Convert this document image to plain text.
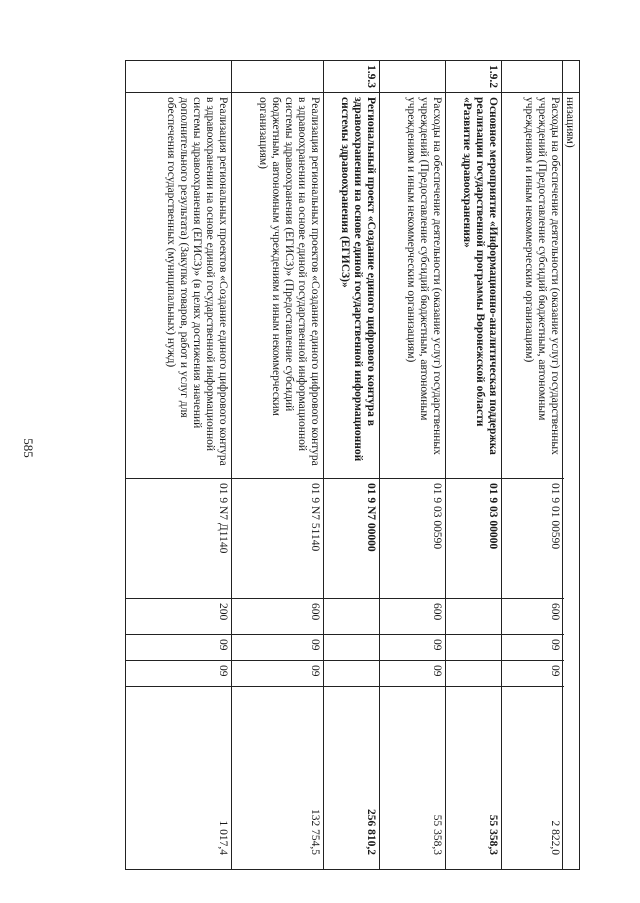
585
низациям)
Расходы на обеспечение деятельности (оказание услуг) государственных учреждений (Предоставление субсидий бюджетным, автономным учреждениям и иным некоммерческим организациям)
01 9 01 00590
600
09
09
2 822,0
1.9.2
Основное мероприятие «Информационно-аналитическая поддержка реализации государственной программы Воронежской области «Развитие здравоохранения»
01 9 03 00000
55 358,3
Расходы на обеспечение деятельности (оказание услуг) государственных учреждений (Предоставление субсидий бюджетным, автономным учреждениям и иным некоммерческим организациям)
01 9 03 00590
600
09
09
55 358,3
1.9.3
Региональный проект «Создание единого цифрового контура в здравоохранении на основе единой государственной информационной системы здравоохранения (ЕГИСЗ)»
01 9 N7 00000
256 810,2
Реализация региональных проектов «Создание единого цифрового контура в здравоохранении на основе единой государственной информационной системы здравоохранения (ЕГИСЗ)» (Предоставление субсидий бюджетным, автономным учреждениям и иным некоммерческим организациям)
01 9 N7 51140
600
09
09
132 754,5
Реализация региональных проектов «Создание единого цифрового контура в здравоохранении на основе единой государственной информационной системы здравоохранения (ЕГИСЗ)» (в целях достижения значений дополнительного результата) (Закупка товаров, работ и услуг для обеспечения государственных (муниципальных) нужд)
01 9 N7 Д1140
200
09
09
1 017,4
